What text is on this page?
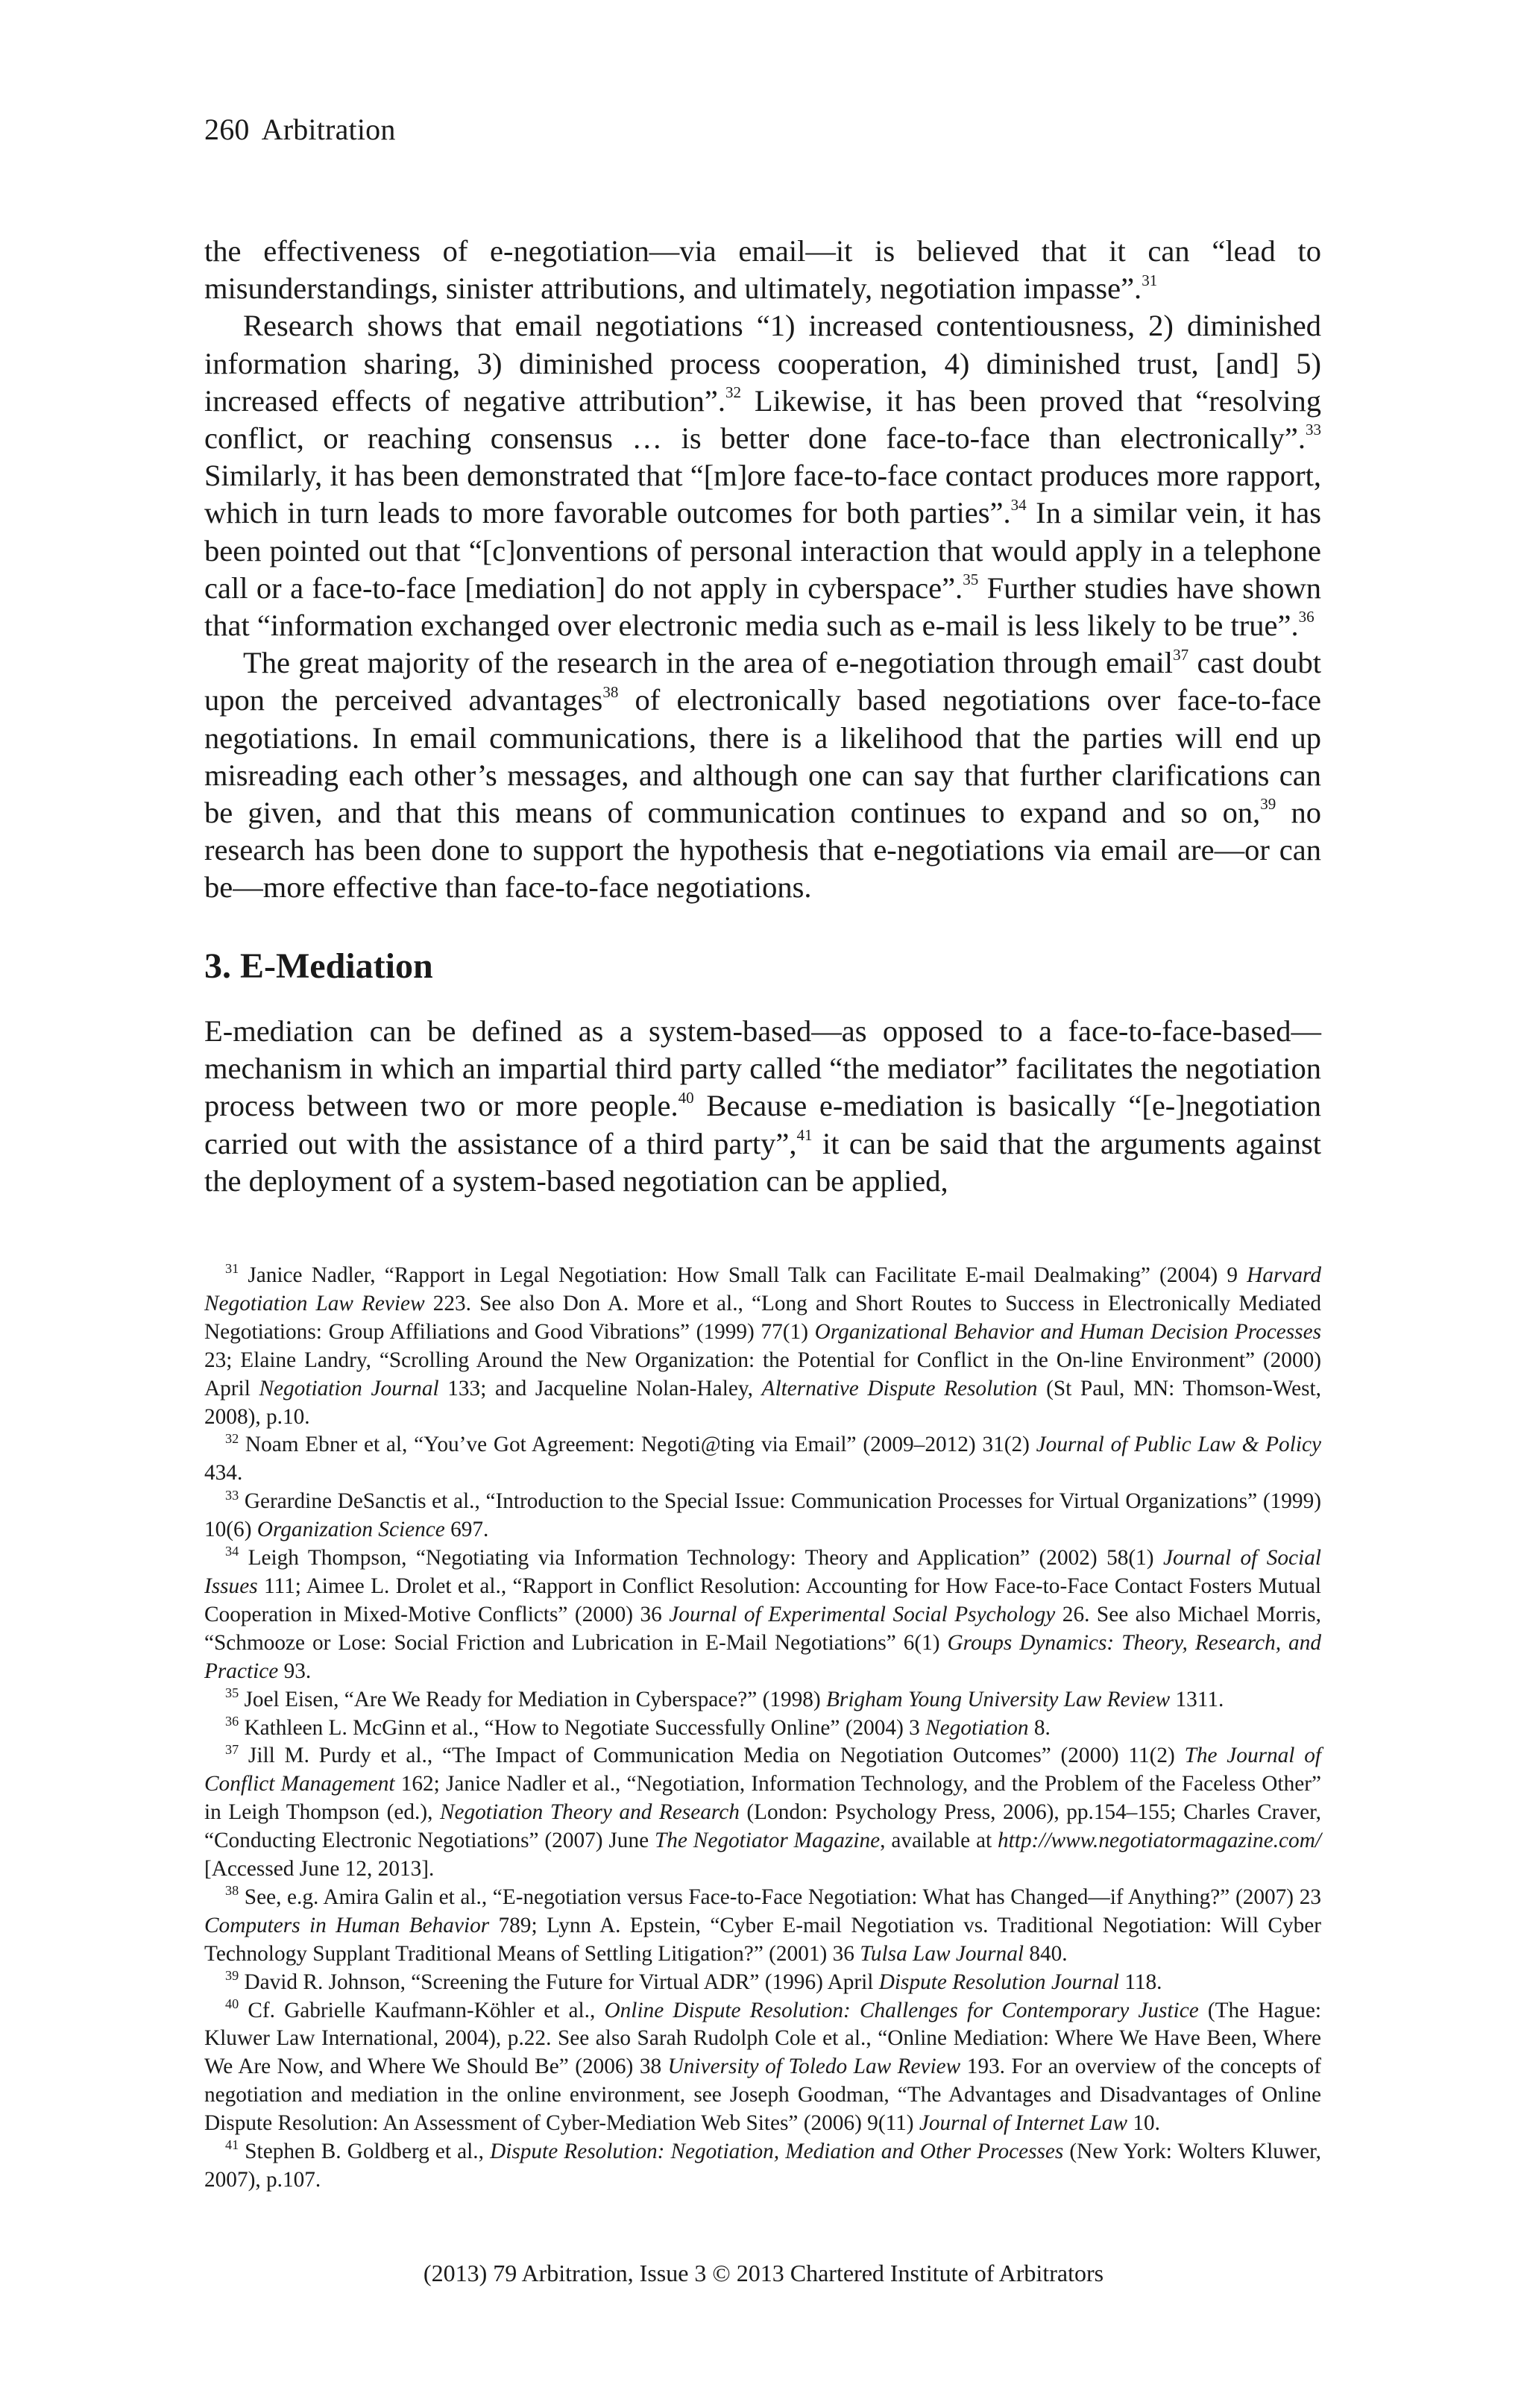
260 Arbitration

the effectiveness of e-negotiation—via email—it is believed that it can “lead to misunderstandings, sinister attributions, and ultimately, negotiation impasse”.$^{31}$

Research shows that email negotiations “1) increased contentiousness, 2) diminished information sharing, 3) diminished process cooperation, 4) diminished trust, [and] 5) increased effects of negative attribution”.$^{32}$ Likewise, it has been proved that “resolving conflict, or reaching consensus … is better done face-to-face than electronically”.$^{33}$ Similarly, it has been demonstrated that “[m]ore face-to-face contact produces more rapport, which in turn leads to more favorable outcomes for both parties”.$^{34}$ In a similar vein, it has been pointed out that “[c]onventions of personal interaction that would apply in a telephone call or a face-to-face [mediation] do not apply in cyberspace”.$^{35}$ Further studies have shown that “information exchanged over electronic media such as e-mail is less likely to be true”.$^{36}$

The great majority of the research in the area of e-negotiation through email$^{37}$ cast doubt upon the perceived advantages$^{38}$ of electronically based negotiations over face-to-face negotiations. In email communications, there is a likelihood that the parties will end up misreading each other’s messages, and although one can say that further clarifications can be given, and that this means of communication continues to expand and so on,$^{39}$ no research has been done to support the hypothesis that e-negotiations via email are—or can be—more effective than face-to-face negotiations.

3. E-Mediation

E-mediation can be defined as a system-based—as opposed to a face-to-face-based—mechanism in which an impartial third party called “the mediator” facilitates the negotiation process between two or more people.$^{40}$ Because e-mediation is basically “[e-]negotiation carried out with the assistance of a third party”,$^{41}$ it can be said that the arguments against the deployment of a system-based negotiation can be applied,

$^{31}$ Janice Nadler, “Rapport in Legal Negotiation: How Small Talk can Facilitate E-mail Dealmaking” (2004) 9 Harvard Negotiation Law Review 223. See also Don A. More et al., “Long and Short Routes to Success in Electronically Mediated Negotiations: Group Affiliations and Good Vibrations” (1999) 77(1) Organizational Behavior and Human Decision Processes 23; Elaine Landry, “Scrolling Around the New Organization: the Potential for Conflict in the On-line Environment” (2000) April Negotiation Journal 133; and Jacqueline Nolan-Haley, Alternative Dispute Resolution (St Paul, MN: Thomson-West, 2008), p.10.

$^{32}$ Noam Ebner et al, “You’ve Got Agreement: Negoti@ting via Email” (2009–2012) 31(2) Journal of Public Law & Policy 434.

$^{33}$ Gerardine DeSanctis et al., “Introduction to the Special Issue: Communication Processes for Virtual Organizations” (1999) 10(6) Organization Science 697.

$^{34}$ Leigh Thompson, “Negotiating via Information Technology: Theory and Application” (2002) 58(1) Journal of Social Issues 111; Aimee L. Drolet et al., “Rapport in Conflict Resolution: Accounting for How Face-to-Face Contact Fosters Mutual Cooperation in Mixed-Motive Conflicts” (2000) 36 Journal of Experimental Social Psychology 26. See also Michael Morris, “Schmooze or Lose: Social Friction and Lubrication in E-Mail Negotiations” 6(1) Groups Dynamics: Theory, Research, and Practice 93.

$^{35}$ Joel Eisen, “Are We Ready for Mediation in Cyberspace?” (1998) Brigham Young University Law Review 1311.

$^{36}$ Kathleen L. McGinn et al., “How to Negotiate Successfully Online” (2004) 3 Negotiation 8.

$^{37}$ Jill M. Purdy et al., “The Impact of Communication Media on Negotiation Outcomes” (2000) 11(2) The Journal of Conflict Management 162; Janice Nadler et al., “Negotiation, Information Technology, and the Problem of the Faceless Other” in Leigh Thompson (ed.), Negotiation Theory and Research (London: Psychology Press, 2006), pp.154–155; Charles Craver, “Conducting Electronic Negotiations” (2007) June The Negotiator Magazine, available at http://www.negotiatormagazine.com/ [Accessed June 12, 2013].

$^{38}$ See, e.g. Amira Galin et al., “E-negotiation versus Face-to-Face Negotiation: What has Changed—if Anything?” (2007) 23 Computers in Human Behavior 789; Lynn A. Epstein, “Cyber E-mail Negotiation vs. Traditional Negotiation: Will Cyber Technology Supplant Traditional Means of Settling Litigation?” (2001) 36 Tulsa Law Journal 840.

$^{39}$ David R. Johnson, “Screening the Future for Virtual ADR” (1996) April Dispute Resolution Journal 118.

$^{40}$ Cf. Gabrielle Kaufmann-Köhler et al., Online Dispute Resolution: Challenges for Contemporary Justice (The Hague: Kluwer Law International, 2004), p.22. See also Sarah Rudolph Cole et al., “Online Mediation: Where We Have Been, Where We Are Now, and Where We Should Be” (2006) 38 University of Toledo Law Review 193. For an overview of the concepts of negotiation and mediation in the online environment, see Joseph Goodman, “The Advantages and Disadvantages of Online Dispute Resolution: An Assessment of Cyber-Mediation Web Sites” (2006) 9(11) Journal of Internet Law 10.

$^{41}$ Stephen B. Goldberg et al., Dispute Resolution: Negotiation, Mediation and Other Processes (New York: Wolters Kluwer, 2007), p.107.

(2013) 79 Arbitration, Issue 3 © 2013 Chartered Institute of Arbitrators
